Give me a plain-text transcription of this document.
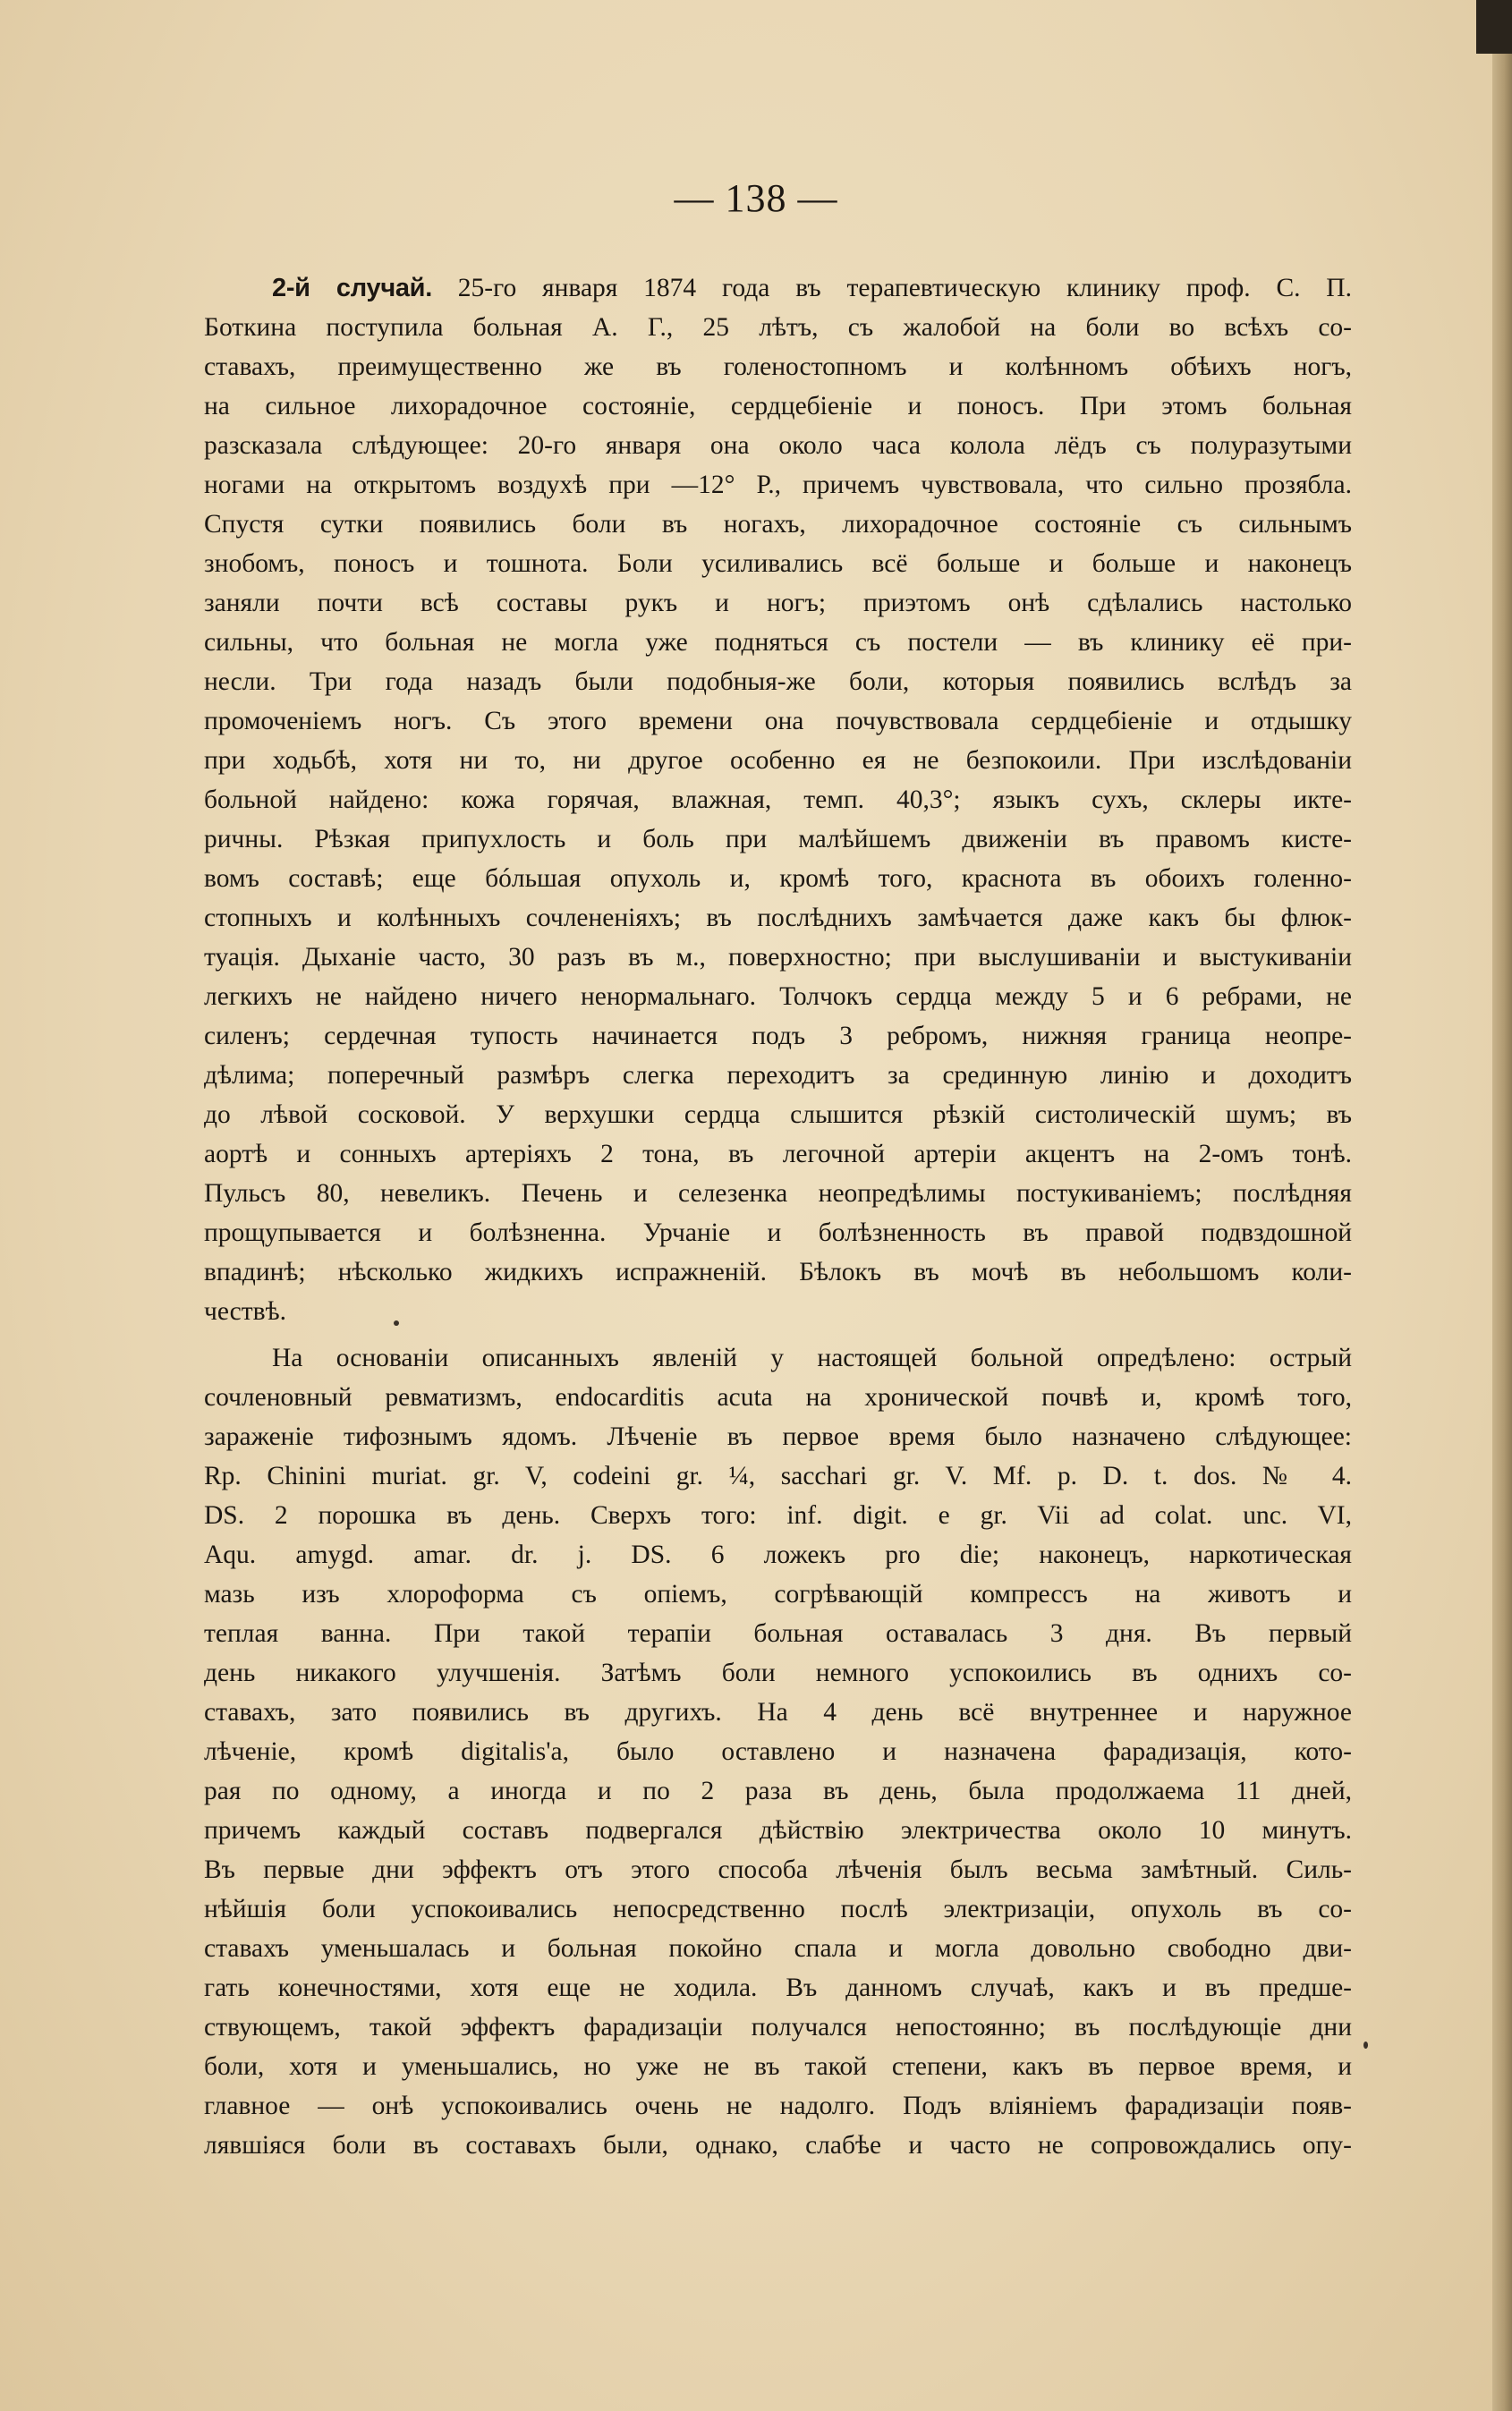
— 138 —
2-й случай. 25-го января 1874 года въ терапевтическую клинику проф. С. П.
Боткина поступила больная А. Г., 25 лѣтъ, съ жалобой на боли во всѣхъ со-
ставахъ, преимущественно же въ голеностопномъ и колѣнномъ обѣихъ ногъ,
на сильное лихорадочное состояніе, сердцебіеніе и поносъ. При этомъ больная
разсказала слѣдующее: 20-го января она около часа колола лёдъ съ полуразутыми
ногами на открытомъ воздухѣ при —12° Р., причемъ чувствовала, что сильно прозябла.
Спустя сутки появились боли въ ногахъ, лихорадочное состояніе съ сильнымъ
знобомъ, поносъ и тошнота. Боли усиливались всё больше и больше и наконецъ
заняли почти всѣ составы рукъ и ногъ; приэтомъ онѣ сдѣлались настолько
сильны, что больная не могла уже подняться съ постели — въ клинику её при-
несли. Три года назадъ были подобныя-же боли, которыя появились вслѣдъ за
промоченіемъ ногъ. Съ этого времени она почувствовала сердцебіеніе и отдышку
при ходьбѣ, хотя ни то, ни другое особенно ея не безпокоили. При изслѣдованіи
больной найдено: кожа горячая, влажная, темп. 40,3°; языкъ сухъ, склеры икте-
ричны. Рѣзкая припухлость и боль при малѣйшемъ движеніи въ правомъ кисте-
вомъ составѣ; еще бóльшая опухоль и, кромѣ того, краснота въ обоихъ голенно-
стопныхъ и колѣнныхъ сочлененіяхъ; въ послѣднихъ замѣчается даже какъ бы флюк-
туація. Дыханіе часто, 30 разъ въ м., поверхностно; при выслушиваніи и выстукиваніи
легкихъ не найдено ничего ненормальнаго. Толчокъ сердца между 5 и 6 ребрами, не
силенъ; сердечная тупость начинается подъ 3 ребромъ, нижняя граница неопре-
дѣлима; поперечный размѣръ слегка переходитъ за срединную линію и доходитъ
до лѣвой сосковой. У верхушки сердца слышится рѣзкій систолическій шумъ; въ
аортѣ и сонныхъ артеріяхъ 2 тона, въ легочной артеріи акцентъ на 2-омъ тонѣ.
Пульсъ 80, невеликъ. Печень и селезенка неопредѣлимы постукиваніемъ; послѣдняя
прощупывается и болѣзненна. Урчаніе и болѣзненность въ правой подвздошной
впадинѣ; нѣсколько жидкихъ испражненій. Бѣлокъ въ мочѣ въ небольшомъ коли-
чествѣ.
На основаніи описанныхъ явленій у настоящей больной опредѣлено: острый
сочленовный ревматизмъ, endocarditis acuta на хронической почвѣ и, кромѣ того,
зараженіе тифознымъ ядомъ. Лѣченіе въ первое время было назначено слѣдующее:
Rp. Chinini muriat. gr. V, codeini gr. ¼, sacchari gr. V. Mf. p. D. t. dos. № 4.
DS. 2 порошка въ день. Сверхъ того: inf. digit. e gr. Vii ad colat. unc. VI,
Aqu. amygd. amar. dr. j. DS. 6 ложекъ pro die; наконецъ, наркотическая
мазь изъ хлороформа съ опіемъ, согрѣвающій компрессъ на животъ и
теплая ванна. При такой терапіи больная оставалась 3 дня. Въ первый
день никакого улучшенія. Затѣмъ боли немного успокоились въ однихъ со-
ставахъ, зато появились въ другихъ. На 4 день всё внутреннее и наружное
лѣченіе, кромѣ digitalis'a, было оставлено и назначена фарадизація, кото-
рая по одному, а иногда и по 2 раза въ день, была продолжаема 11 дней,
причемъ каждый составъ подвергался дѣйствію электричества около 10 минутъ.
Въ первые дни эффектъ отъ этого способа лѣченія былъ весьма замѣтный. Силь-
нѣйшія боли успокоивались непосредственно послѣ электризаціи, опухоль въ со-
ставахъ уменьшалась и больная покойно спала и могла довольно свободно дви-
гать конечностями, хотя еще не ходила. Въ данномъ случаѣ, какъ и въ предше-
ствующемъ, такой эффектъ фарадизаціи получался непостоянно; въ послѣдующіе дни
боли, хотя и уменьшались, но уже не въ такой степени, какъ въ первое время, и
главное — онѣ успокоивались очень не надолго. Подъ вліяніемъ фарадизаціи появ-
лявшіяся боли въ составахъ были, однако, слабѣе и часто не сопровождались опу-
